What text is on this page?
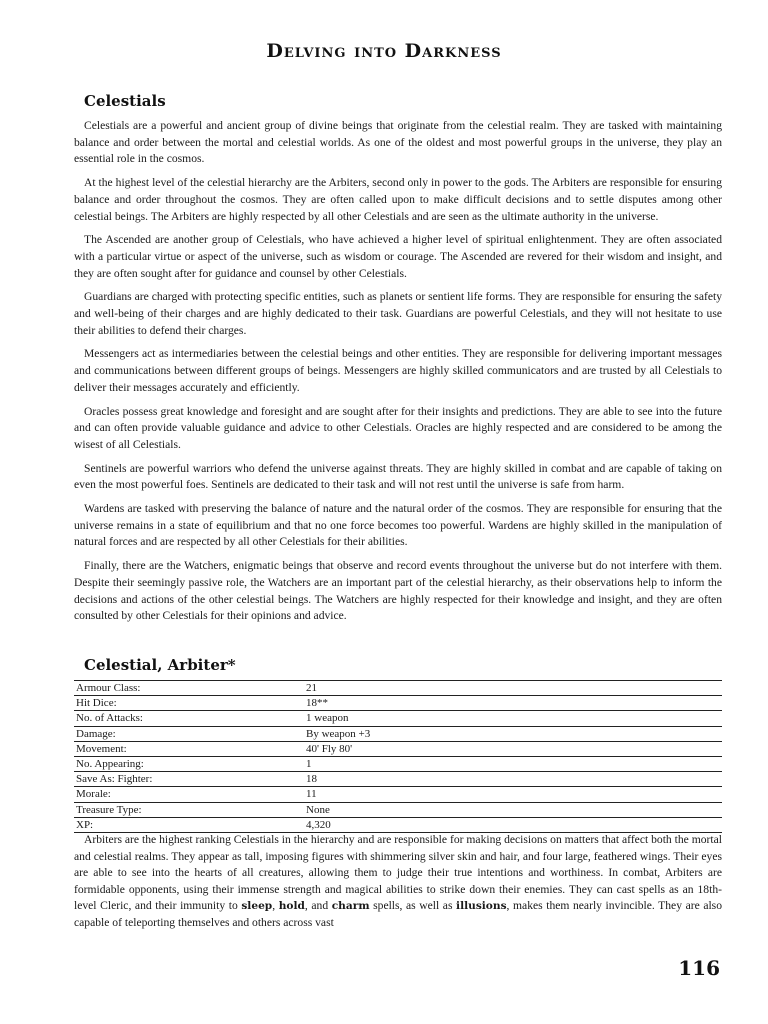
Delving into Darkness
Celestials

Celestials are a powerful and ancient group of divine beings that originate from the celestial realm. They are tasked with maintaining balance and order between the mortal and celestial worlds. As one of the oldest and most powerful groups in the universe, they play an essential role in the cosmos.

At the highest level of the celestial hierarchy are the Arbiters, second only in power to the gods. The Arbiters are responsible for ensuring balance and order throughout the cosmos. They are often called upon to make difficult decisions and to settle disputes among other celestial beings. The Arbiters are highly respected by all other Celestials and are seen as the ultimate authority in the universe.

The Ascended are another group of Celestials, who have achieved a higher level of spiritual enlightenment. They are often associated with a particular virtue or aspect of the universe, such as wisdom or courage. The Ascended are revered for their wisdom and insight, and they are often sought after for guidance and counsel by other Celestials.

Guardians are charged with protecting specific entities, such as planets or sentient life forms. They are responsible for ensuring the safety and well-being of their charges and are highly dedicated to their task. Guardians are powerful Celestials, and they will not hesitate to use their abilities to defend their charges.

Messengers act as intermediaries between the celestial beings and other entities. They are responsible for delivering important messages and communications between different groups of beings. Messengers are highly skilled communicators and are trusted by all Celestials to deliver their messages accurately and efficiently.

Oracles possess great knowledge and foresight and are sought after for their insights and predictions. They are able to see into the future and can often provide valuable guidance and advice to other Celestials. Oracles are highly respected and are considered to be among the wisest of all Celestials.

Sentinels are powerful warriors who defend the universe against threats. They are highly skilled in combat and are capable of taking on even the most powerful foes. Sentinels are dedicated to their task and will not rest until the universe is safe from harm.

Wardens are tasked with preserving the balance of nature and the natural order of the cosmos. They are responsible for ensuring that the universe remains in a state of equilibrium and that no one force becomes too powerful. Wardens are highly skilled in the manipulation of natural forces and are respected by all other Celestials for their abilities.

Finally, there are the Watchers, enigmatic beings that observe and record events throughout the universe but do not interfere with them. Despite their seemingly passive role, the Watchers are an important part of the celestial hierarchy, as their observations help to inform the decisions and actions of the other celestial beings. The Watchers are highly respected for their knowledge and insight, and they are often consulted by other Celestials for their opinions and advice.

Celestial, Arbiter*
Armour Class:	21
Hit Dice:	18**
No. of Attacks:	1 weapon
Damage:	By weapon +3
Movement:	40' Fly 80'
No. Appearing:	1
Save As: Fighter:	18
Morale:	11
Treasure Type:	None
XP:	4,320

Arbiters are the highest ranking Celestials in the hierarchy and are responsible for making decisions on matters that affect both the mortal and celestial realms. They appear as tall, imposing figures with shimmering silver skin and hair, and four large, feathered wings. Their eyes are able to see into the hearts of all creatures, allowing them to judge their true intentions and worthiness. In combat, Arbiters are formidable opponents, using their immense strength and magical abilities to strike down their enemies. They can cast spells as an 18th-level Cleric, and their immunity to sleep, hold, and charm spells, as well as illusions, makes them nearly invincible. They are also capable of teleporting themselves and others across vast

116
